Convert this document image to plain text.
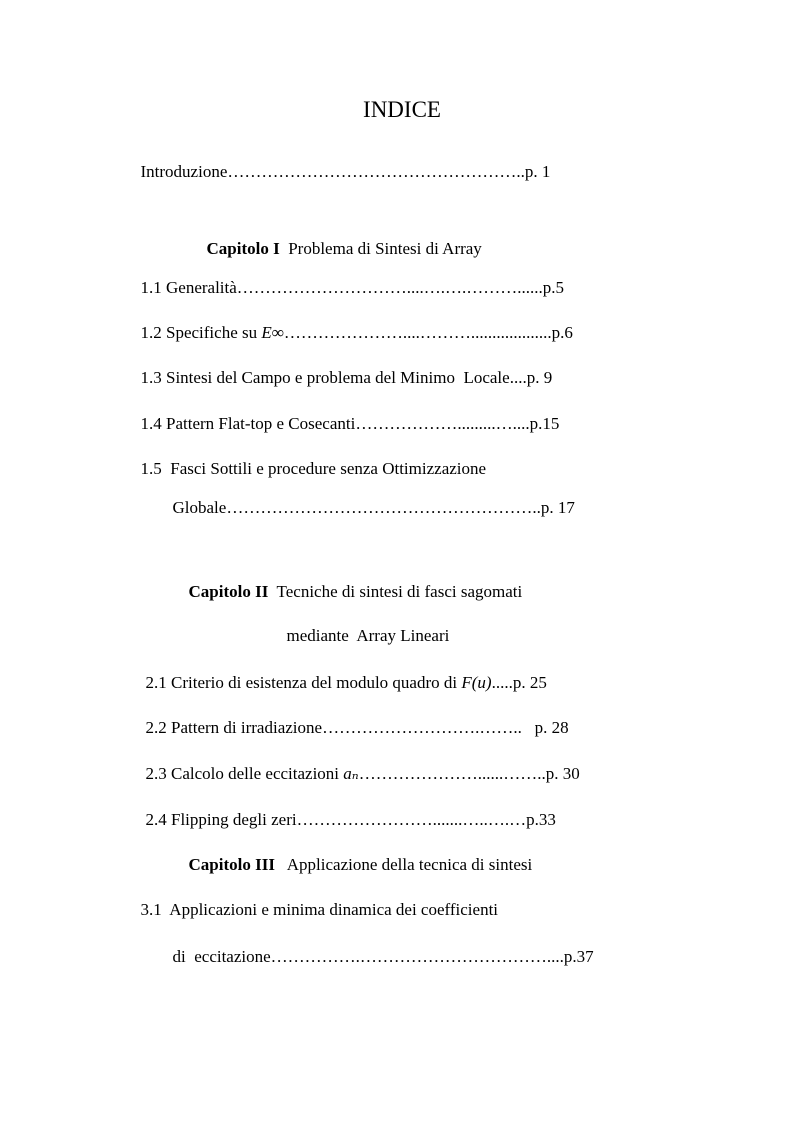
INDICE

Introduzione……………………………………………..p. 1

Capitolo I Problema di Sintesi di Array

1.1 Generalità…………………………....….….………......p.5

1.2 Specifiche su E∞…………………....………...................p.6

1.3 Sintesi del Campo e problema del Minimo  Locale....p. 9

1.4 Pattern Flat-top e Cosecanti……………….........…....p.15

1.5  Fasci Sottili e procedure senza Ottimizzazione

Globale………………………………………………..p. 17

Capitolo II Tecniche di sintesi di fasci sagomati

mediante  Array Lineari

2.1 Criterio di esistenza del modulo quadro di F(u).....p. 25

2.2 Pattern di irradiazione……………………….……..   p. 28

2.3 Calcolo delle eccitazioni aₙ…………………......……..p. 30

2.4 Flipping degli zeri…………………….......…..….…p.33

Capitolo III Applicazione della tecnica di sintesi

3.1  Applicazioni e minima dinamica dei coefficienti

di  eccitazione…………….……………………………....p.37
